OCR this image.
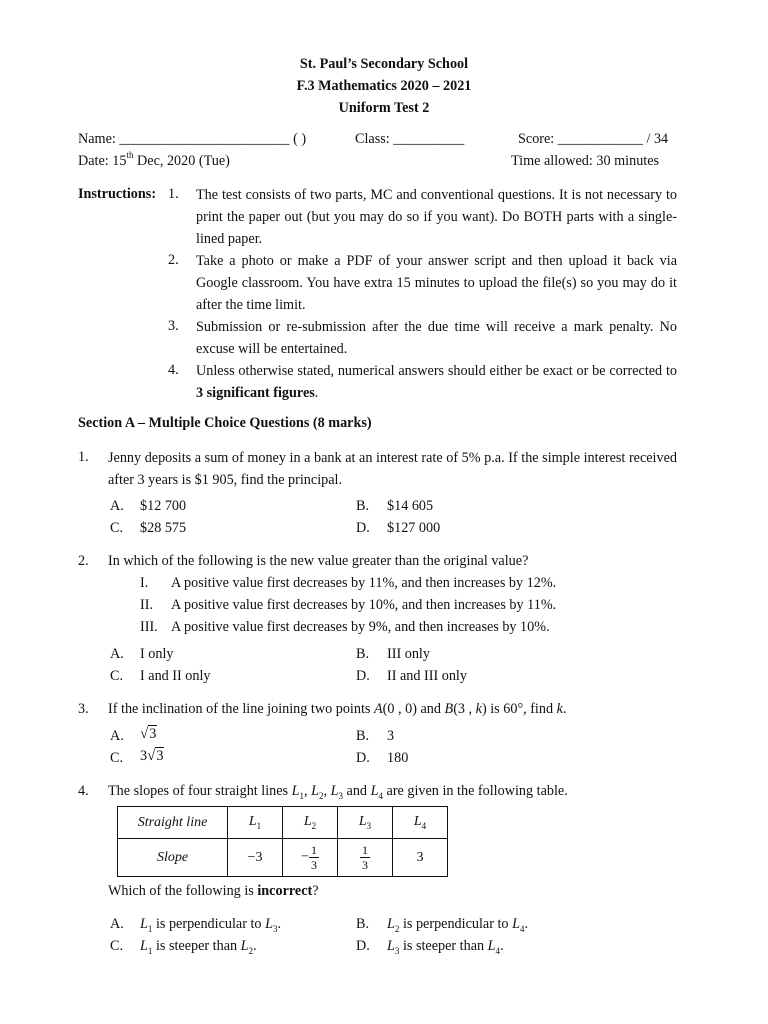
St. Paul’s Secondary School
F.3 Mathematics 2020 – 2021
Uniform Test 2
Name: ________________________ ( )	Class: __________	Score: ____________ / 34
Date: 15th Dec, 2020 (Tue)	Time allowed: 30 minutes
Instructions: 1. The test consists of two parts, MC and conventional questions. It is not necessary to print the paper out (but you may do so if you want). Do BOTH parts with a single-lined paper.
2. Take a photo or make a PDF of your answer script and then upload it back via Google classroom. You have extra 15 minutes to upload the file(s) so you may do it after the time limit.
3. Submission or re-submission after the due time will receive a mark penalty. No excuse will be entertained.
4. Unless otherwise stated, numerical answers should either be exact or be corrected to 3 significant figures.
Section A – Multiple Choice Questions (8 marks)
1. Jenny deposits a sum of money in a bank at an interest rate of 5% p.a. If the simple interest received after 3 years is $1 905, find the principal.
A. $12 700	B. $14 605
C. $28 575	D. $127 000
2. In which of the following is the new value greater than the original value?
I. A positive value first decreases by 11%, and then increases by 12%.
II. A positive value first decreases by 10%, and then increases by 11%.
III. A positive value first decreases by 9%, and then increases by 10%.
A. I only	B. III only
C. I and II only	D. II and III only
3. If the inclination of the line joining two points A(0 , 0) and B(3 , k) is 60°, find k.
A. √3	B. 3
C. 3√3	D. 180
4. The slopes of four straight lines $L_1$, $L_2$, $L_3$ and $L_4$ are given in the following table.
Straight line	$L_1$	$L_2$	$L_3$	$L_4$
Slope	−3	− $\frac{1}{3}$	$\frac{1}{3}$	3
Which of the following is incorrect?
A. $L_1$ is perpendicular to $L_3$.	B. $L_2$ is perpendicular to $L_4$.
C. $L_1$ is steeper than $L_2$.	D. $L_3$ is steeper than $L_4$.
